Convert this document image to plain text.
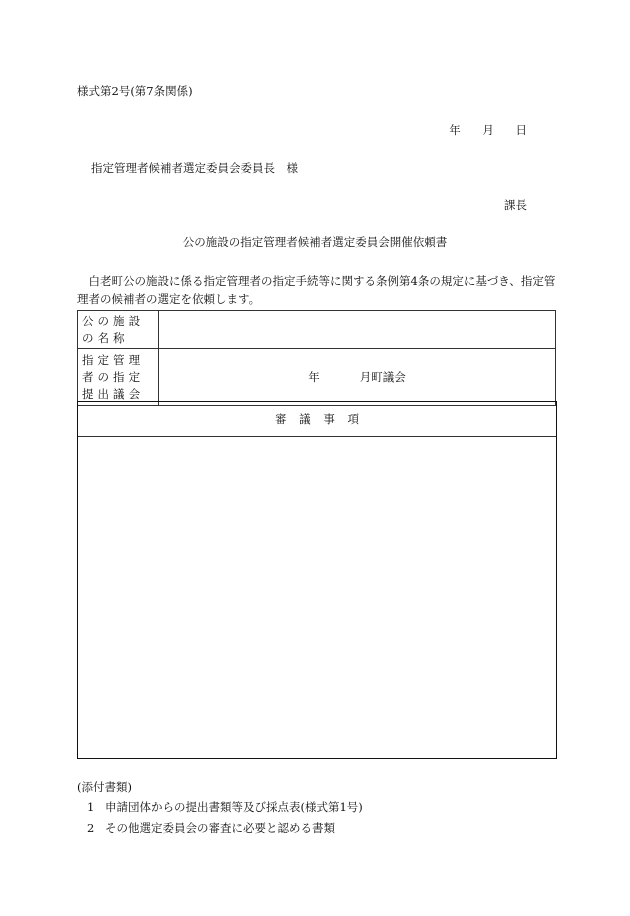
様式第2号(第7条関係)
年 月 日
指定管理者候補者選定委員会委員長　様
課長
公の施設の指定管理者候補者選定委員会開催依頼書
白老町公の施設に係る指定管理者の指定手続等に関する条例第4条の規定に基づき、指定管理者の候補者の選定を依頼します。
公の施設の名称	
指定管理者の指定提出議会	年 月町議会
審議事項
(添付書類)
1 申請団体からの提出書類等及び採点表(様式第1号)
2 その他選定委員会の審査に必要と認める書類
